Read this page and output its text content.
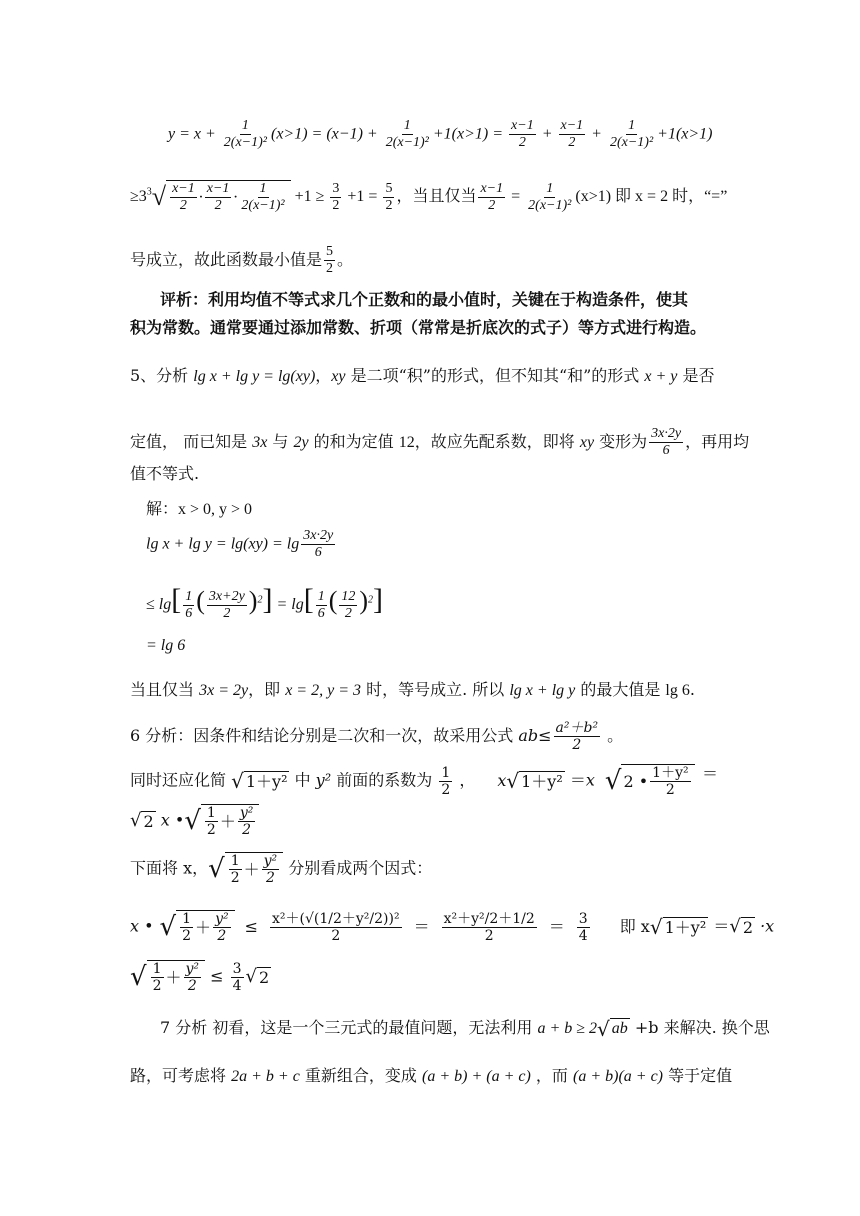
$y = x + \frac{1}{\text{2(x−1)²}} (x>1) = (x-1) + \frac{1}{\text{2(x−1)²}} +1(x>1) = \frac{x-1}{2} + \frac{x-1}{2} + \frac{1}{\text{2(x−1)²}} +1(x>1)$
$\ge 3^3$ √ $\frac{x-1}{2} \cdot \frac{x-1}{2} \cdot \frac{1}{\text{2(x−1)²}} +1 \ge \frac{3}{2} +1 = \frac{5}{2}$ ，当且仅当 $\frac{x-1}{2} = \frac{1}{\text{2(x−1)²}} (x>1)$ 即 x = 2 时，“=”
号成立，故此函数最小值是 $\frac{5}{2}$ 。
评析：利用均值不等式求几个正数和的最小值时，关键在于构造条件，使其
积为常数。通常要通过添加常数、折项（常常是折底次的式子）等方式进行构造。
5、分析 lg x + lg y = lg(xy)，xy 是二项“积”的形式，但不知其“和”的形式 x + y 是否
定值， 而已知是 3x 与 2y 的和为定值 12，故应先配系数，即将 xy 变形为 $\frac{3x\cdot 2y}{6}$ ，再用均
值不等式.
解：x > 0, y > 0
$\lg x + \lg y = \lg(xy) = \lg \frac{3x\cdot 2y}{6}$
≤ $\lg[ \frac{1}{6}$ ( $\frac{3x+2y}{2} )^2] = \lg[ \frac{1}{6}$ ( $\frac{12}{2} )^2$]
= lg 6
当且仅当 3x = 2y，即 x = 2, y = 3 时，等号成立. 所以 lg x + lg y 的最大值是 lg 6.
6 分析：因条件和结论分别是二次和一次，故采用公式 $ab\le \frac{\text{a²＋b²}}{2}$ 。
同时还应化简 √ 1＋y² 中 y² 前面的系数为 $\frac{1}{2}$ ， x √ 1＋y² ＝x √ 2 • $\frac{\text{1＋y²}}{2}$ ＝
√ 2 x • √ $\frac{1}{2} + \frac{\text{y²}}{2}$
下面将 x， √ $\frac{1}{2} + \frac{\text{y²}}{2}$ 分别看成两个因式：
x • √ $\frac{1}{2} + \frac{\text{y²}}{2} \le \frac{\text{x²＋(√(1/2＋y²/2))²}}{2} = \frac{\text{x²＋y²/2＋1/2}}{2} = \frac{3}{4}$ 即 x √ 1＋y² ＝ √ 2 ·x
√ $\frac{1}{2} + \frac{\text{y²}}{2} \le \frac{3}{4}$ √ 2
7 分析 初看，这是一个三元式的最值问题，无法利用 a + b ≥ 2 √ ab +b 来解决. 换个思
路，可考虑将 2a + b + c 重新组合，变成 (a + b) + (a + c) ，而 (a + b)(a + c) 等于定值
